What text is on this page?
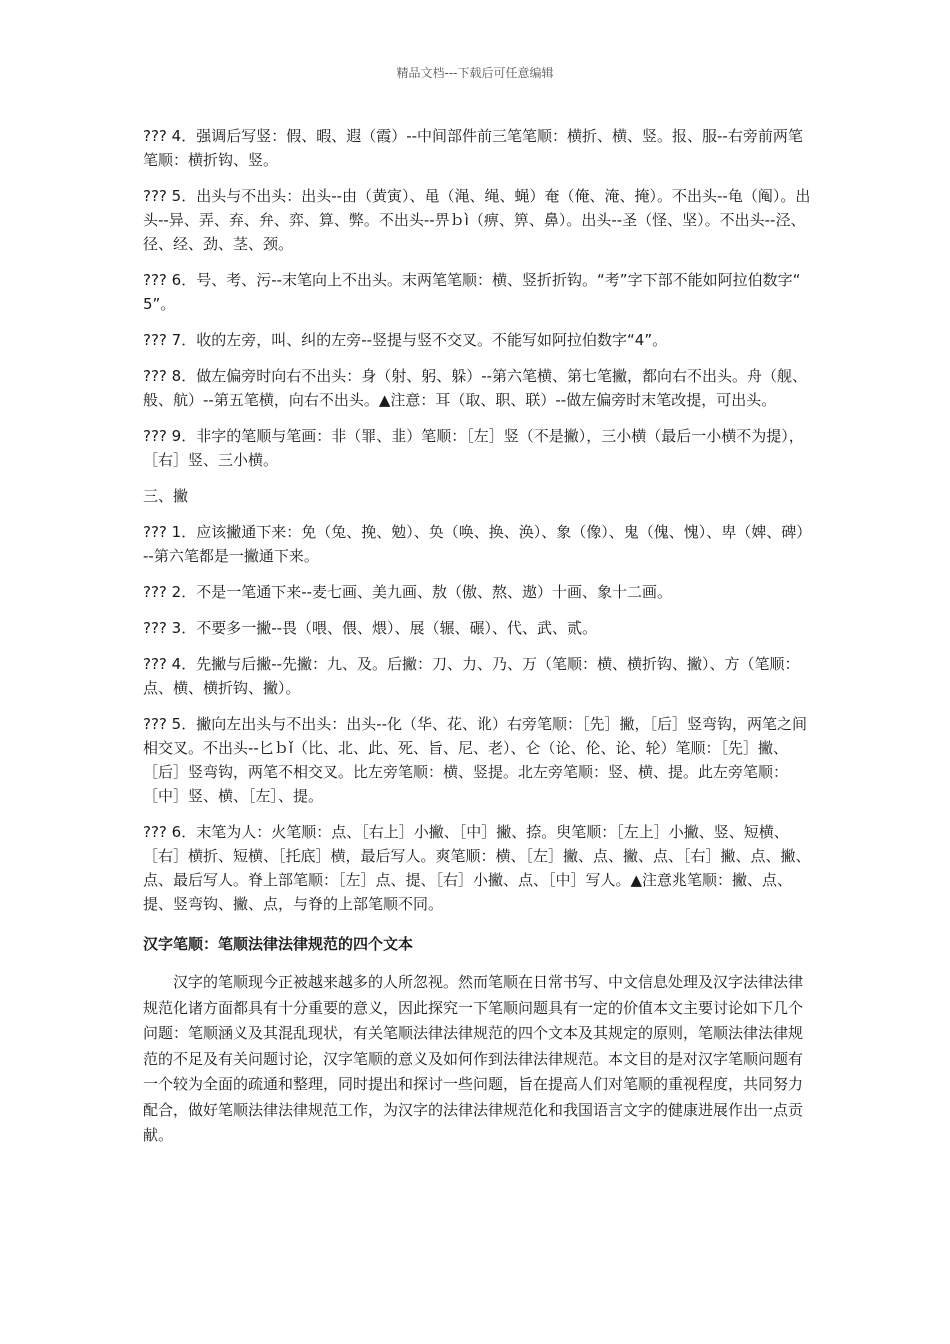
精品文档---下载后可任意编辑

??? 4．强调后写竖：假、暇、遐（霞）--中间部件前三笔笔顺：横折、横、竖。报、服--右旁前两笔笔顺：横折钩、竖。

??? 5．出头与不出头：出头--由（黄寅）、黾（渑、绳、蝇）奄（俺、淹、掩）。不出头--龟（阄）。出头--异、弄、弃、弁、弈、算、弊。不出头--畀ｂì（痹、箅、鼻）。出头--圣（怪、坚）。不出头--泾、径、经、劲、茎、颈。

??? 6．号、考、污--末笔向上不出头。末两笔笔顺：横、竖折折钩。“考”字下部不能如阿拉伯数字“ 5”。

??? 7．收的左旁，叫、纠的左旁--竖提与竖不交叉。不能写如阿拉伯数字“4”。

??? 8．做左偏旁时向右不出头：身（射、躬、躲）--第六笔横、第七笔撇，都向右不出头。舟（舰、般、航）--第五笔横，向右不出头。▲注意：耳（取、职、联）--做左偏旁时末笔改提，可出头。

??? 9．非字的笔顺与笔画：非（罪、韭）笔顺：［左］竖（不是撇），三小横（最后一小横不为提），［右］竖、三小横。

三、撇

??? 1．应该撇通下来：免（兔、挽、勉）、奂（唤、换、涣）、象（像）、鬼（傀、愧）、卑（婢、碑）--第六笔都是一撇通下来。

??? 2．不是一笔通下来--麦七画、美九画、敖（傲、熬、遨）十画、象十二画。

??? 3．不要多一撇--畏（喂、偎、煨）、展（辗、碾）、代、武、贰。

??? 4．先撇与后撇--先撇：九、及。后撇：刀、力、乃、万（笔顺：横、横折钩、撇）、方（笔顺：点、横、横折钩、撇）。

??? 5．撇向左出头与不出头：出头--化（华、花、讹）右旁笔顺：［先］撇，［后］竖弯钩，两笔之间相交叉。不出头--匕ｂǐ（比、北、此、死、旨、尼、老）、仑（论、伦、论、轮）笔顺：［先］撇、［后］竖弯钩，两笔不相交叉。比左旁笔顺：横、竖提。北左旁笔顺：竖、横、提。此左旁笔顺：［中］竖、横、［左］、提。

??? 6．末笔为人：火笔顺：点、［右上］小撇、［中］撇、捺。臾笔顺：［左上］小撇、竖、短横、［右］横折、短横、［托底］横，最后写人。爽笔顺：横、［左］撇、点、撇、点、［右］撇、点、撇、点、最后写人。脊上部笔顺：［左］点、提、［右］小撇、点、［中］写人。▲注意兆笔顺：撇、点、提、竖弯钩、撇、点，与脊的上部笔顺不同。

汉字笔顺：笔顺法律法律规范的四个文本

汉字的笔顺现今正被越来越多的人所忽视。然而笔顺在日常书写、中文信息处理及汉字法律法律规范化诸方面都具有十分重要的意义，因此探究一下笔顺问题具有一定的价值本文主要讨论如下几个问题：笔顺涵义及其混乱现状，有关笔顺法律法律规范的四个文本及其规定的原则，笔顺法律法律规范的不足及有关问题讨论，汉字笔顺的意义及如何作到法律法律规范。本文目的是对汉字笔顺问题有一个较为全面的疏通和整理，同时提出和探讨一些问题，旨在提高人们对笔顺的重视程度，共同努力配合，做好笔顺法律法律规范工作，为汉字的法律法律规范化和我国语言文字的健康进展作出一点贡献。
